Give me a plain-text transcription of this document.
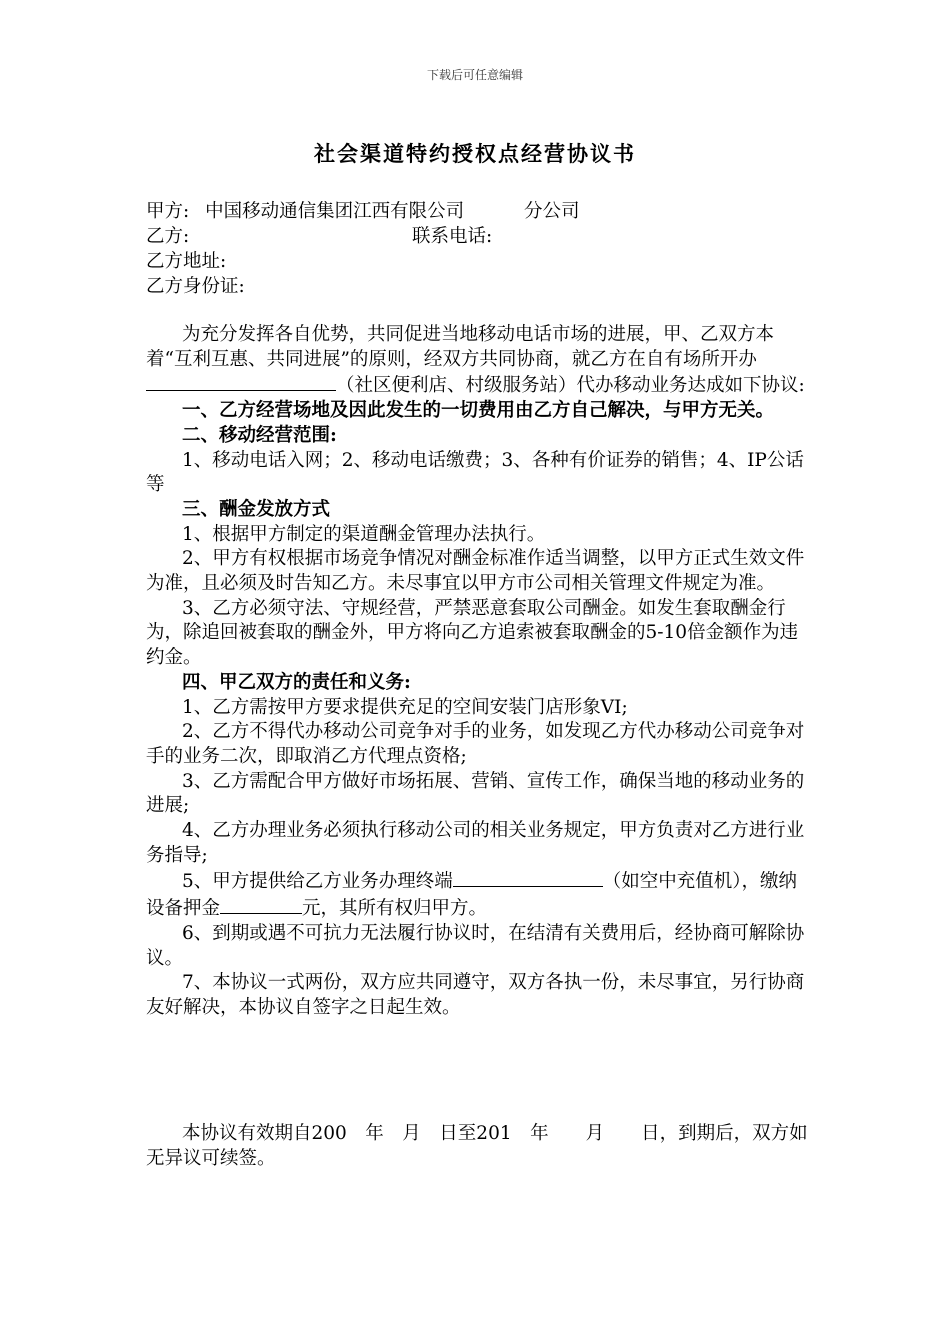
下载后可任意编辑
社会渠道特约授权点经营协议书
甲方: 中国移动通信集团江西有限公司	分公司
乙方:	联系电话:
乙方地址:
乙方身份证:

为充分发挥各自优势，共同促进当地移动电话市场的进展，甲、乙双方本着“互利互惠、共同进展”的原则，经双方共同协商，就乙方在自有场所开办（社区便利店、村级服务站）代办移动业务达成如下协议:

一、乙方经营场地及因此发生的一切费用由乙方自己解决，与甲方无关。

二、移动经营范围:

1、移动电话入网；2、移动电话缴费；3、各种有价证券的销售；4、IP公话等

三、酬金发放方式

1、根据甲方制定的渠道酬金管理办法执行。

2、甲方有权根据市场竞争情况对酬金标准作适当调整，以甲方正式生效文件为准，且必须及时告知乙方。未尽事宜以甲方市公司相关管理文件规定为准。

3、乙方必须守法、守规经营，严禁恶意套取公司酬金。如发生套取酬金行为，除追回被套取的酬金外，甲方将向乙方追索被套取酬金的5-10倍金额作为违约金。

四、甲乙双方的责任和义务:

1、乙方需按甲方要求提供充足的空间安装门店形象VI;

2、乙方不得代办移动公司竞争对手的业务，如发现乙方代办移动公司竞争对手的业务二次，即取消乙方代理点资格;

3、乙方需配合甲方做好市场拓展、营销、宣传工作，确保当地的移动业务的进展;

4、乙方办理业务必须执行移动公司的相关业务规定，甲方负责对乙方进行业务指导;

5、甲方提供给乙方业务办理终端	（如空中充值机），缴纳设备押金	元，其所有权归甲方。

6、到期或遇不可抗力无法履行协议时，在结清有关费用后，经协商可解除协议。

7、本协议一式两份，双方应共同遵守，双方各执一份，未尽事宜，另行协商友好解决，本协议自签字之日起生效。

本协议有效期自200　年　月　日至201　年　　月　　日，到期后，双方如无异议可续签。
